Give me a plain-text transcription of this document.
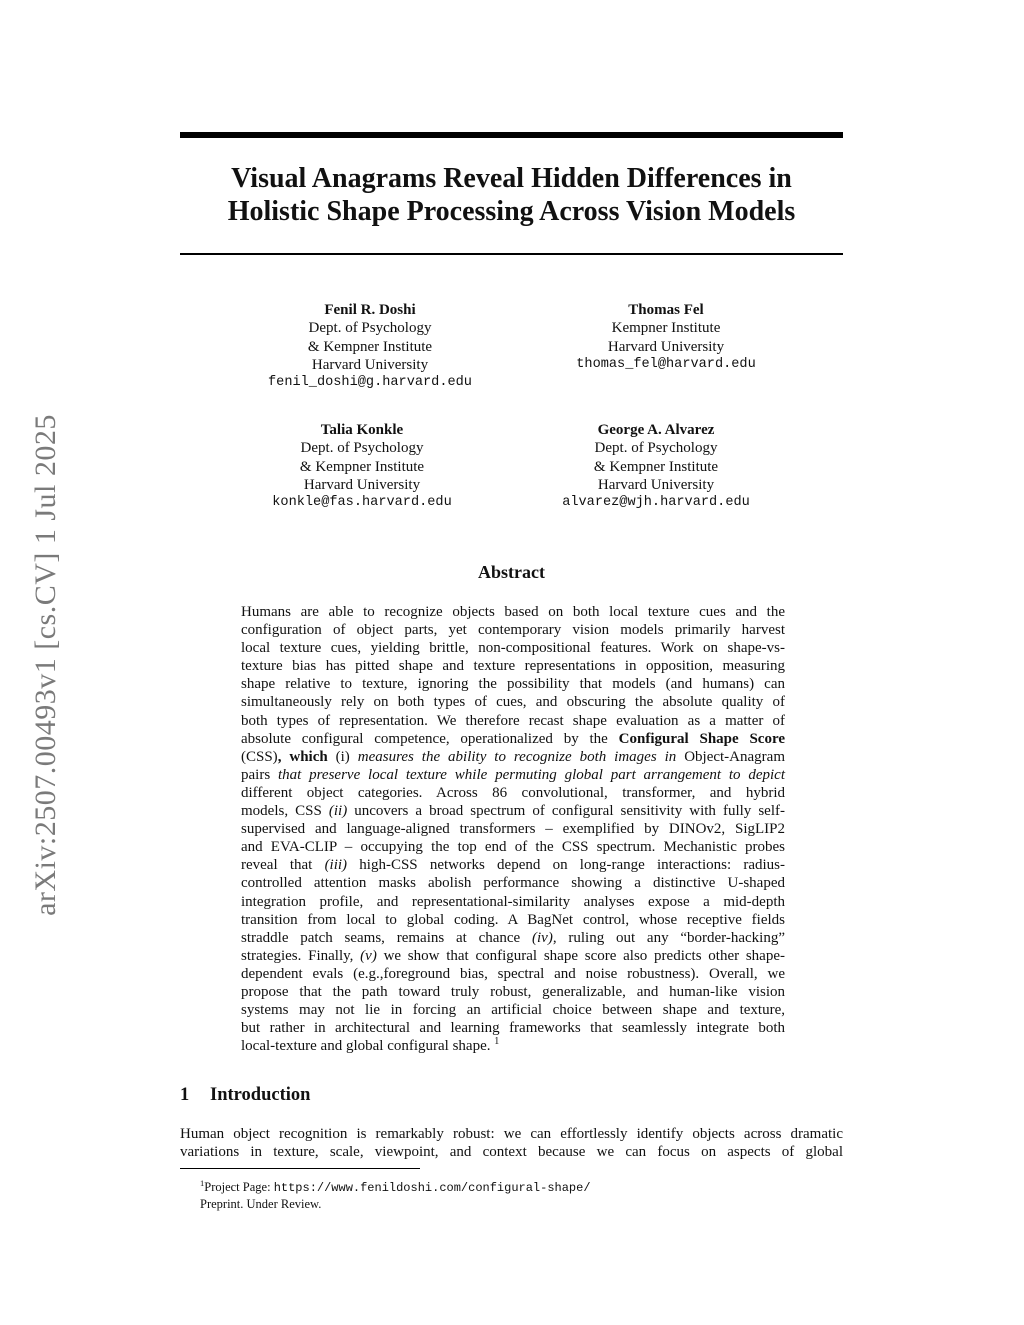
arXiv:2507.00493v1 [cs.CV] 1 Jul 2025
Visual Anagrams Reveal Hidden Differences in
Holistic Shape Processing Across Vision Models
Fenil R. Doshi
Dept. of Psychology
& Kempner Institute
Harvard University
fenil_doshi@g.harvard.edu
Thomas Fel
Kempner Institute
Harvard University
thomas_fel@harvard.edu
Talia Konkle
Dept. of Psychology
& Kempner Institute
Harvard University
konkle@fas.harvard.edu
George A. Alvarez
Dept. of Psychology
& Kempner Institute
Harvard University
alvarez@wjh.harvard.edu
Abstract
Humans are able to recognize objects based on both local texture cues and the
configuration of object parts, yet contemporary vision models primarily harvest
local texture cues, yielding brittle, non-compositional features. Work on shape-vs-
texture bias has pitted shape and texture representations in opposition, measuring
shape relative to texture, ignoring the possibility that models (and humans) can
simultaneously rely on both types of cues, and obscuring the absolute quality of
both types of representation. We therefore recast shape evaluation as a matter of
absolute configural competence, operationalized by the Configural Shape Score
(CSS), which (i) measures the ability to recognize both images in Object-Anagram
pairs that preserve local texture while permuting global part arrangement to depict
different object categories. Across 86 convolutional, transformer, and hybrid
models, CSS (ii) uncovers a broad spectrum of configural sensitivity with fully self-
supervised and language-aligned transformers – exemplified by DINOv2, SigLIP2
and EVA-CLIP – occupying the top end of the CSS spectrum. Mechanistic probes
reveal that (iii) high-CSS networks depend on long-range interactions: radius-
controlled attention masks abolish performance showing a distinctive U-shaped
integration profile, and representational-similarity analyses expose a mid-depth
transition from local to global coding. A BagNet control, whose receptive fields
straddle patch seams, remains at chance (iv), ruling out any “border-hacking”
strategies. Finally, (v) we show that configural shape score also predicts other shape-
dependent evals (e.g.,foreground bias, spectral and noise robustness). Overall, we
propose that the path toward truly robust, generalizable, and human-like vision
systems may not lie in forcing an artificial choice between shape and texture,
but rather in architectural and learning frameworks that seamlessly integrate both
local-texture and global configural shape. $^1$
1 Introduction
Human object recognition is remarkably robust: we can effortlessly identify objects across dramatic
variations in texture, scale, viewpoint, and context because we can focus on aspects of global
$^1$Project Page: https://www.fenildoshi.com/configural-shape/
Preprint. Under Review.
